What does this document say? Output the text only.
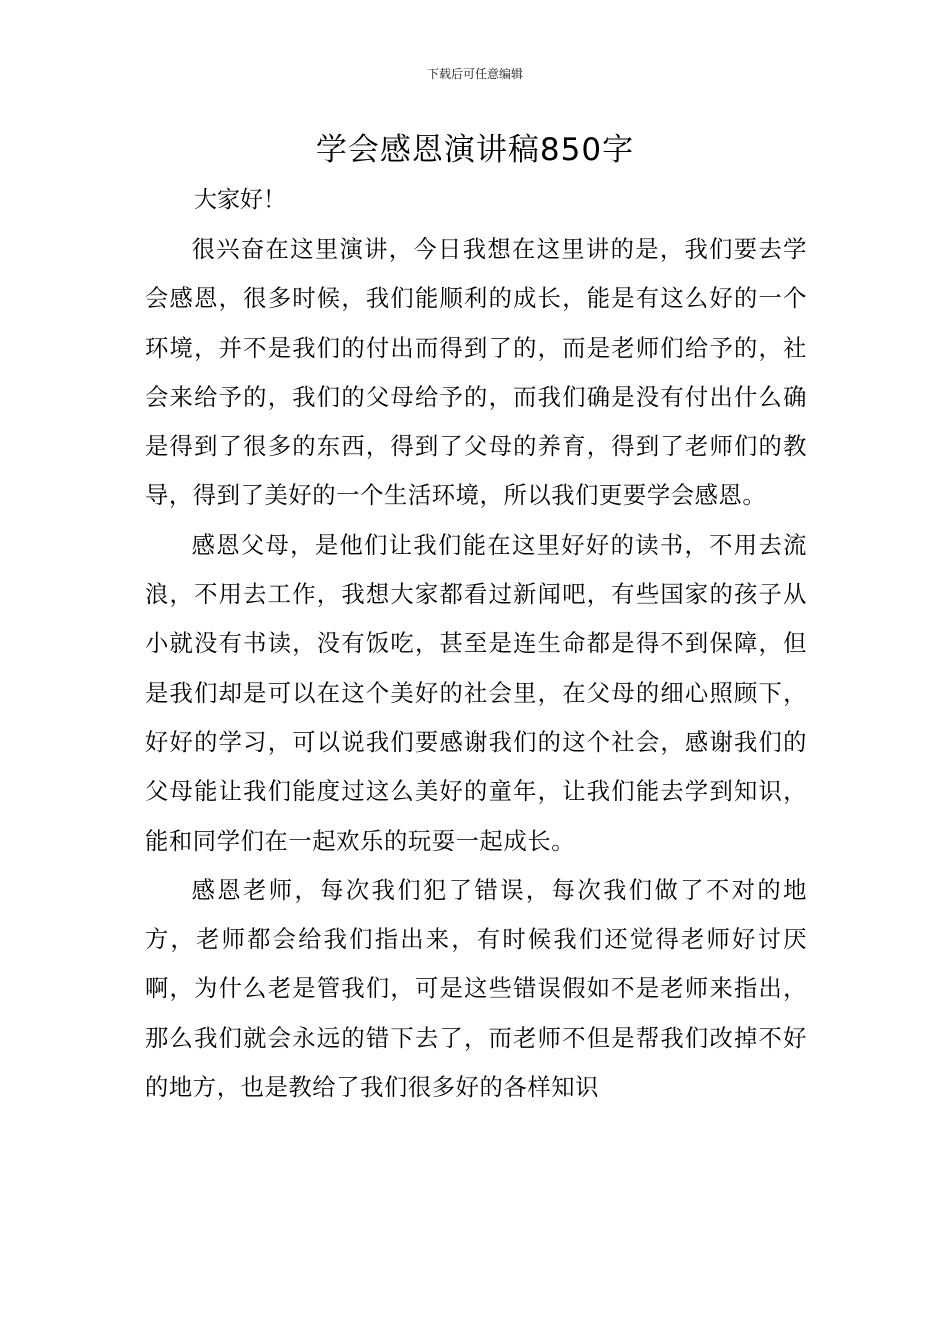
下载后可任意编辑
学会感恩演讲稿850字

大家好！

很兴奋在这里演讲，今日我想在这里讲的是，我们要去学会感恩，很多时候，我们能顺利的成长，能是有这么好的一个环境，并不是我们的付出而得到了的，而是老师们给予的，社会来给予的，我们的父母给予的，而我们确是没有付出什么确是得到了很多的东西，得到了父母的养育，得到了老师们的教导，得到了美好的一个生活环境，所以我们更要学会感恩。

感恩父母，是他们让我们能在这里好好的读书，不用去流浪，不用去工作，我想大家都看过新闻吧，有些国家的孩子从小就没有书读，没有饭吃，甚至是连生命都是得不到保障，但是我们却是可以在这个美好的社会里，在父母的细心照顾下，好好的学习，可以说我们要感谢我们的这个社会，感谢我们的父母能让我们能度过这么美好的童年，让我们能去学到知识，能和同学们在一起欢乐的玩耍一起成长。

感恩老师，每次我们犯了错误，每次我们做了不对的地方，老师都会给我们指出来，有时候我们还觉得老师好讨厌啊，为什么老是管我们，可是这些错误假如不是老师来指出，那么我们就会永远的错下去了，而老师不但是帮我们改掉不好的地方，也是教给了我们很多好的各样知识
